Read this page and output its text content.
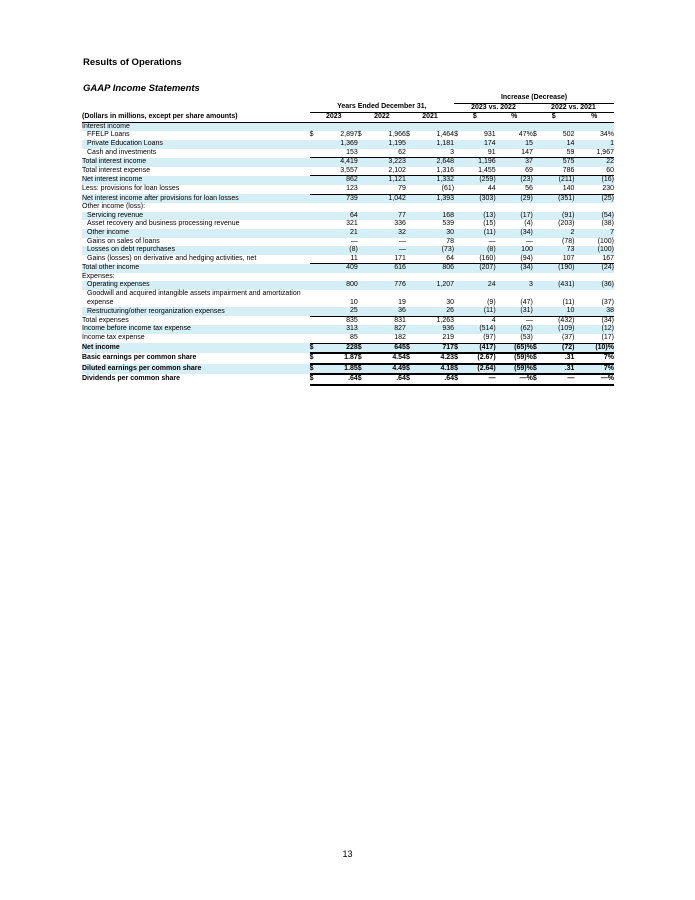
Results of Operations
GAAP Income Statements
							Increase (Decrease)					
	Years Ended December 31,						2023 vs. 2022			2022 vs. 2021		
(Dollars in millions, except per share amounts)	2023		2022		2021		$		%	$		%
Interest income												
FFELP Loans	$	2,897	$	1,966	$	1,464	$	931	47%	$	502	34%
Private Education Loans		1,369		1,195		1,181		174	15		14	1
Cash and investments		153		62		3		91	147		59	1,967
Total interest income		4,419		3,223		2,648		1,196	37		575	22
Total interest expense		3,557		2,102		1,316		1,455	69		786	60
Net interest income		862		1,121		1,332		(259)	(23)		(211)	(16)
Less: provisions for loan losses		123		79		(61)		44	56		140	230
Net interest income after provisions for loan losses		739		1,042		1,393		(303)	(29)		(351)	(25)
Other income (loss):												
Servicing revenue		64		77		168		(13)	(17)		(91)	(54)
Asset recovery and business processing revenue		321		336		539		(15)	(4)		(203)	(38)
Other income		21		32		30		(11)	(34)		2	7
Gains on sales of loans		—		—		78		—	—		(78)	(100)
Losses on debt repurchases		(8)		—		(73)		(8)	100		73	(100)
Gains (losses) on derivative and hedging activities, net		11		171		64		(160)	(94)		107	167
Total other income		409		616		806		(207)	(34)		(190)	(24)
Expenses:												
Operating expenses		800		776		1,207		24	3		(431)	(36)
Goodwill and acquired intangible assets impairment and amortization expense		10		19		30		(9)	(47)		(11)	(37)
Restructuring/other reorganization expenses		25		36		26		(11)	(31)		10	38
Total expenses		835		831		1,263		4	—		(432)	(34)
Income before income tax expense		313		827		936		(514)	(62)		(109)	(12)
Income tax expense		85		182		219		(97)	(53)		(37)	(17)
Net income	$	228	$	645	$	717	$	(417)	(65)%	$	(72)	(10)%
Basic earnings per common share	$	1.87	$	4.54	$	4.23	$	(2.67)	(59)%	$	.31	7%
Diluted earnings per common share	$	1.85	$	4.49	$	4.18	$	(2.64)	(59)%	$	.31	7%
Dividends per common share	$	.64	$	.64	$	.64	$	—	—%	$	—	—%
13
